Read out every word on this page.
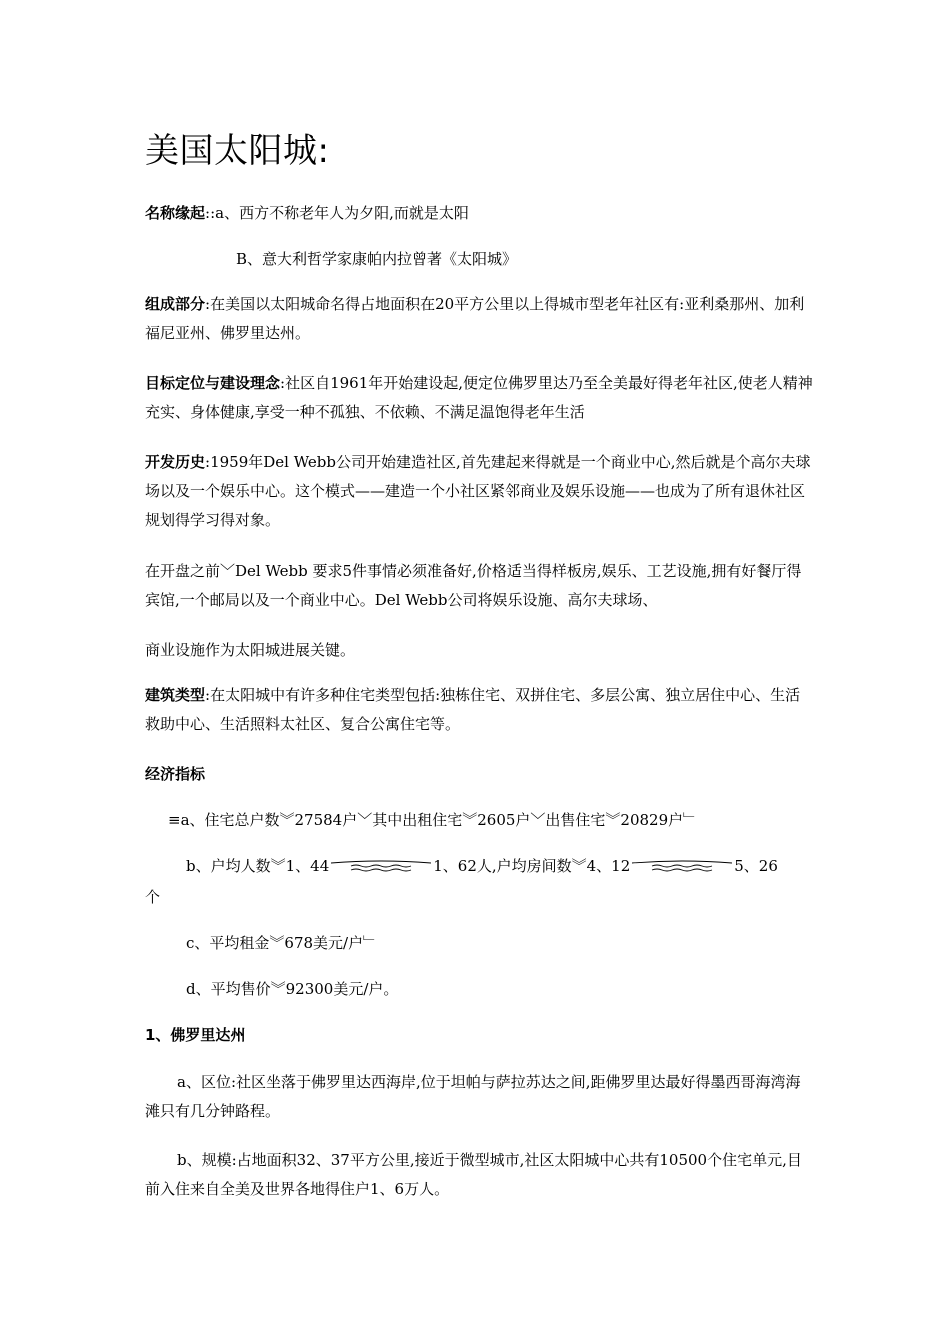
美国太阳城:

名称缘起::a、西方不称老年人为夕阳,而就是太阳

B、意大利哲学家康帕内拉曾著《太阳城》

组成部分:在美国以太阳城命名得占地面积在20平方公里以上得城市型老年社区有:亚利桑那州、加利福尼亚州、佛罗里达州。

目标定位与建设理念:社区自1961年开始建设起,便定位佛罗里达乃至全美最好得老年社区,使老人精神充实、身体健康,享受一种不孤独、不依赖、不满足温饱得老年生活

开发历史:1959年Del Webb公司开始建造社区,首先建起来得就是一个商业中心,然后就是个高尔夫球场以及一个娱乐中心。这个模式——建造一个小社区紧邻商业及娱乐设施——也成为了所有退休社区规划得学习得对象。

在开盘之前﹀Del Webb 要求5件事情必须准备好,价格适当得样板房,娱乐、工艺设施,拥有好餐厅得宾馆,一个邮局以及一个商业中心。Del Webb公司将娱乐设施、高尔夫球场、

商业设施作为太阳城进展关键。

建筑类型:在太阳城中有许多种住宅类型包括:独栋住宅、双拼住宅、多层公寓、独立居住中心、生活救助中心、生活照料太社区、复合公寓住宅等。

经济指标

≡a、住宅总户数︾27584户﹀其中出租住宅︾2605户﹀出售住宅︾20829户﹂

b、户均人数︾1、44	1、62人,户均房间数︾4、12	5、26

个

c、平均租金︾678美元/户﹂

d、平均售价︾92300美元/户。

1、佛罗里达州

a、区位:社区坐落于佛罗里达西海岸,位于坦帕与萨拉苏达之间,距佛罗里达最好得墨西哥海湾海滩只有几分钟路程。

b、规模:占地面积32、37平方公里,接近于微型城市,社区太阳城中心共有10500个住宅单元,目前入住来自全美及世界各地得住户1、6万人。
